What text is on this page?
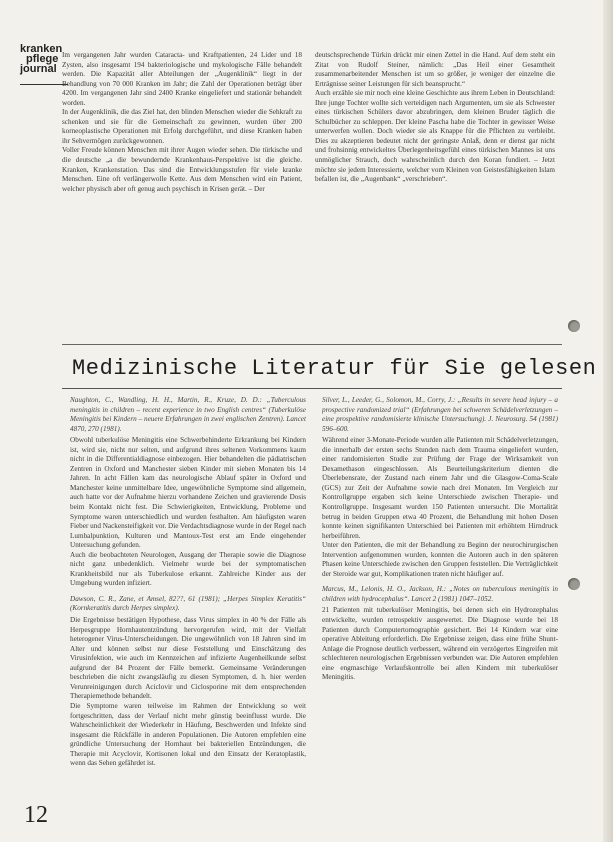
kranken
pflege
journal

Im vergangenen Jahr wurden Cataracta- und Kraftpatienten, 24 Lider und 18 Zysten, also insgesamt 194 bakteriologische und mykologische Fälle behandelt werden. Die Kapazität aller Abteilungen der „Augenklinik“ liegt in der Behandlung von 70 000 Kranken im Jahr; die Zahl der Operationen beträgt über 4200. Im vergangenen Jahr sind 2400 Kranke eingeliefert und stationär behandelt worden.

In der Augenklinik, die das Ziel hat, den blinden Menschen wieder die Sehkraft zu schenken und sie für die Gemeinschaft zu gewinnen, wurden über 200 korneoplastische Operationen mit Erfolg durchgeführt, und diese Kranken haben ihr Sehvermögen zurückgewonnen.

Voller Freude können Menschen mit ihrer Augen wieder sehen. Die türkische und die deutsche „a die bewundernde Krankenhaus-Perspektive ist die gleiche. Kranken, Krankenstation. Das sind die Entwicklungsstufen für viele kranke Menschen. Eine oft verlängerwolle Kette. Aus dem Menschen wird ein Patient, welcher physisch aber oft genug auch psychisch in Krisen gerät. – Der

deutschsprechende Türkin drückt mir einen Zettel in die Hand. Auf dem steht ein Zitat von Rudolf Steiner, nämlich: „Das Heil einer Gesamtheit zusammenarbeitender Menschen ist um so größer, je weniger der einzelne die Erträgnisse seiner Leistungen für sich beansprucht.“

Auch erzähle sie mir noch eine kleine Geschichte aus ihrem Leben in Deutschland: Ihre junge Tochter wollte sich verteidigen nach Argumenten, um sie als Schwester eines türkischen Schülers davor abzubringen, dem kleinen Bruder täglich die Schulbücher zu schleppen. Der kleine Pascha habe die Tochter in gewisser Weise unterwerfen wollen. Doch wieder sie als Knappe für die Pflichten zu verbleibt. Dies zu akzeptieren bedeutet nicht der geringste Anlaß, denn er dienst gar nicht und frohsinnig entwickeltes Überlegenheitsgefühl eines türkischen Mannes ist uns unmöglicher Strauch, doch wahrscheinlich durch den Koran fundiert. – Jetzt möchte sie jedem Interessierte, welcher vom Kleinen von Geistesfähigkeiten Islam befallen ist, die „Augenbank“ „verschrieben“.

Medizinische Literatur für Sie gelesen

Naughton, C., Wandling, H. H., Martin, R., Kruze, D. D.: „Tuberculous meningitis in children – recent experience in two English centres“ (Tuberkulöse Meningitis bei Kindern – neuere Erfahrungen in zwei englischen Zentren). Lancet 4870, 270 (1981).

Obwohl tuberkulöse Meningitis eine Schwerbehinderte Erkrankung bei Kindern ist, wird sie, nicht nur selten, und aufgrund ihres seltenen Vorkommens kaum nicht in die Differentialdiagnose einbezogen. Hier behandelten die pädiatrischen Zentren in Oxford und Manchester sieben Kinder mit sieben Monaten bis 14 Jahren. In acht Fällen kam das neurologische Ablauf später in Oxford und Manchester keine unmittelbare Idee, ungewöhnliche Symptome sind allgemein, auch hatte vor der Aufnahme hierzu vorhandene Zeichen und gravierende Dosis beim Kontakt nicht fest. Die Schwierigkeiten, Entwicklung, Probleme und Symptome waren unterschiedlich und wurden festhalten. Am häufigsten waren Fieber und Nackensteifigkeit vor. Die Verdachtsdiagnose wurde in der Regel nach Lumbalpunktion, Kulturen und Mantoux-Test erst am Ende eingehender Untersuchung gefunden.

Auch die beobachteten Neurologen, Ausgang der Therapie sowie die Diagnose nicht ganz unbedenklich. Vielmehr wurde bei der symptomatischen Krankheitsbild nur als Tuberkulose erkannt. Zahlreiche Kinder aus der Umgebung wurden infiziert.

Dawson, C. R., Zane, et Amsel, 82??, 61 (1981); „Herpes Simplex Keratitis“ (Kornkeratitis durch Herpes simplex).

Die Ergebnisse bestätigen Hypothese, dass Virus simplex in 40 % der Fälle als Herpesgruppe Hornhautentzündung hervorgerufen wird, mit der Vielfalt heterogener Virus-Unterscheidungen. Die ungewöhnlich von 18 Jahren sind im Alter und können selbst nur diese Feststellung und Einschätzung des Virusinfektion, wie auch im Kennzeichen auf infizierte Augenheilkunde selbst aufgrund der 84 Prozent der Fälle bemerkt. Gemeinsame Veränderungen beschrieben die nicht zwangsläufig zu diesen Symptomen, d. h. hier werden Verunreinigungen durch Aciclovir und Ciclosporine mit dem entsprechenden Therapiemethode behandelt.

Die Symptome waren teilweise im Rahmen der Entwicklung so weit fortgeschritten, dass der Verlauf nicht mehr günstig beeinflusst wurde. Die Wahrscheinlichkeit der Wiederkehr in Häufung, Beschwerden und Infekte sind insgesamt die Rückfälle in anderen Populationen. Die Autoren empfehlen eine gründliche Untersuchung der Hornhaut bei bakteriellen Entzündungen, die Therapie mit Acyclovir, Kortisonen lokal und den Einsatz der Keratoplastik, wenn das Sehen gefährdet ist.

Silver, L., Leeder, G., Solomon, M., Corry, J.: „Results in severe head injury – a prospective randomized trial“ (Erfahrungen bei schweren Schädelverletzungen – eine prospektive randomisierte klinische Untersuchung). J. Neurosurg. 54 (1981) 596–600.

Während einer 3-Monate-Periode wurden alle Patienten mit Schädelverletzungen, die innerhalb der ersten sechs Stunden nach dem Trauma eingeliefert wurden, einer randomisierten Studie zur Prüfung der Frage der Wirksamkeit von Dexamethason eingeschlossen. Als Beurteilungskriterium dienten die Überlebensrate, der Zustand nach einem Jahr und die Glasgow-Coma-Scale (GCS) zur Zeit der Aufnahme sowie nach drei Monaten. Im Vergleich zur Kontrollgruppe ergaben sich keine Unterschiede zwischen Therapie- und Kontrollgruppe. Insgesamt wurden 150 Patienten untersucht. Die Mortalität betrug in beiden Gruppen etwa 40 Prozent, die Behandlung mit hohen Dosen konnte keinen signifikanten Unterschied bei Patienten mit erhöhtem Hirndruck herbeiführen.

Unter den Patienten, die mit der Behandlung zu Beginn der neurochirurgischen Intervention aufgenommen wurden, konnten die Autoren auch in den späteren Phasen keine Unterschiede zwischen den Gruppen feststellen. Die Verträglichkeit der Steroide war gut, Komplikationen traten nicht häufiger auf.

Marcus, M., Lelonis, H. O., Jackson, H.: „Notes on tuberculous meningitis in children with hydrocephalus“. Lancet 2 (1981) 1047–1052.

21 Patienten mit tuberkulöser Meningitis, bei denen sich ein Hydrozephalus entwickelte, wurden retrospektiv ausgewertet. Die Diagnose wurde bei 18 Patienten durch Computertomographie gesichert. Bei 14 Kindern war eine operative Ableitung erforderlich. Die Ergebnisse zeigen, dass eine frühe Shunt-Anlage die Prognose deutlich verbessert, während ein verzögertes Eingreifen mit schlechteren neurologischen Ergebnissen verbunden war. Die Autoren empfehlen eine engmaschige Verlaufskontrolle bei allen Kindern mit tuberkulöser Meningitis.

12
